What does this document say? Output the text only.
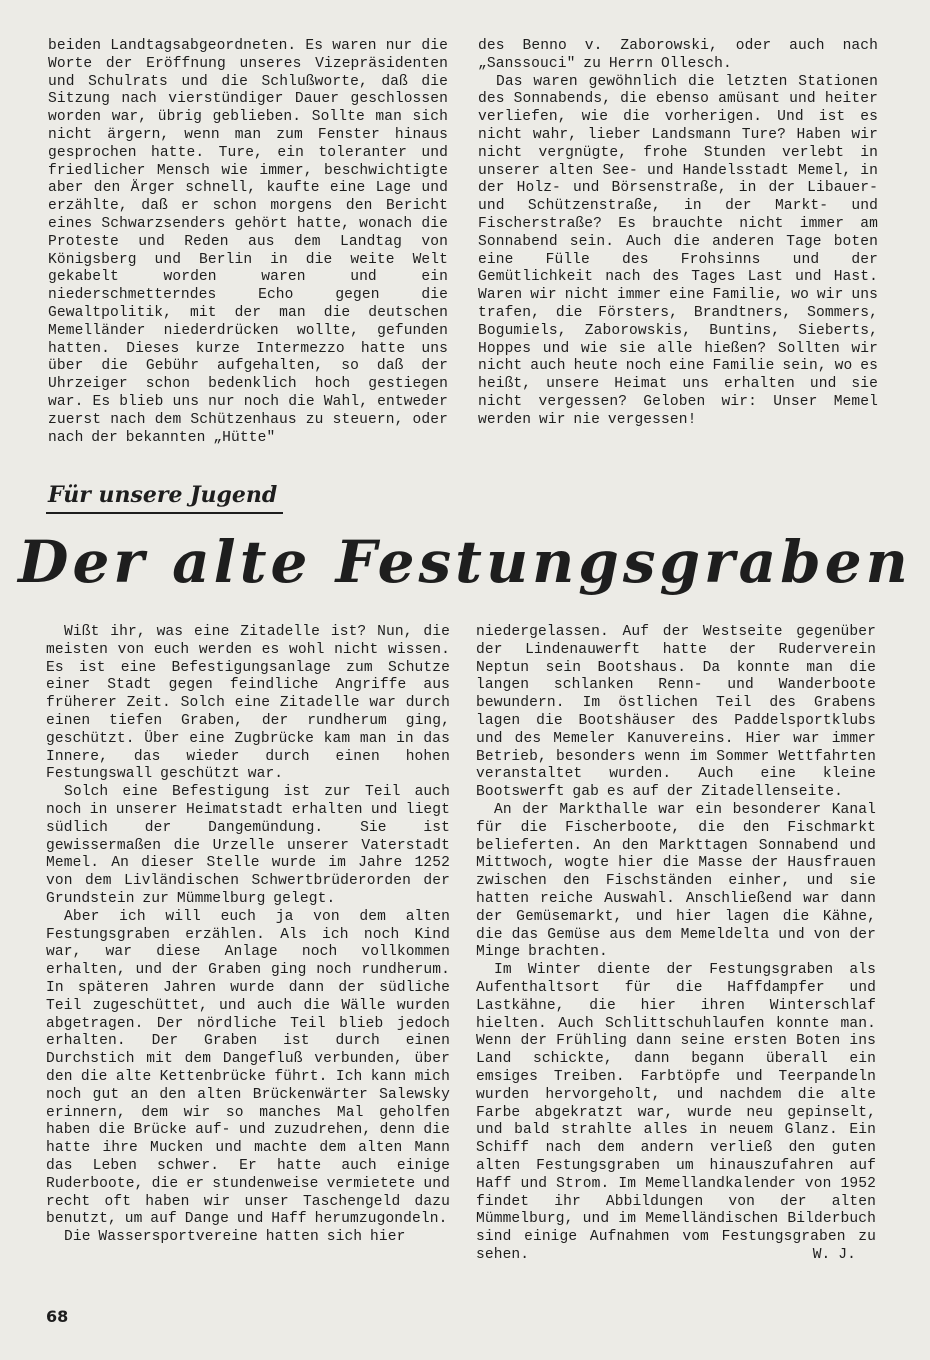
beiden Landtagsabgeordneten. Es waren nur die Worte der Eröffnung unseres Vizepräsidenten und Schulrats und die Schlußworte, daß die Sitzung nach vierstündiger Dauer geschlossen worden war, übrig geblieben. Sollte man sich nicht ärgern, wenn man zum Fenster hinaus gesprochen hatte. Ture, ein toleranter und friedlicher Mensch wie immer, beschwichtigte aber den Ärger schnell, kaufte eine Lage und erzählte, daß er schon morgens den Bericht eines Schwarzsenders gehört hatte, wonach die Proteste und Reden aus dem Landtag von Königsberg und Berlin in die weite Welt gekabelt worden waren und ein niederschmetterndes Echo gegen die Gewaltpolitik, mit der man die deutschen Memelländer niederdrücken wollte, gefunden hatten. Dieses kurze Intermezzo hatte uns über die Gebühr aufgehalten, so daß der Uhrzeiger schon bedenklich hoch gestiegen war. Es blieb uns nur noch die Wahl, entweder zuerst nach dem Schützenhaus zu steuern, oder nach der bekannten „Hütte"

des Benno v. Zaborowski, oder auch nach „Sanssouci" zu Herrn Ollesch.

Das waren gewöhnlich die letzten Stationen des Sonnabends, die ebenso amüsant und heiter verliefen, wie die vorherigen. Und ist es nicht wahr, lieber Landsmann Ture? Haben wir nicht vergnügte, frohe Stunden verlebt in unserer alten See- und Handelsstadt Memel, in der Holz- und Börsenstraße, in der Libauer- und Schützenstraße, in der Markt- und Fischerstraße? Es brauchte nicht immer am Sonnabend sein. Auch die anderen Tage boten eine Fülle des Frohsinns und der Gemütlichkeit nach des Tages Last und Hast. Waren wir nicht immer eine Familie, wo wir uns trafen, die Försters, Brandtners, Sommers, Bogumiels, Zaborowskis, Buntins, Sieberts, Hoppes und wie sie alle hießen? Sollten wir nicht auch heute noch eine Familie sein, wo es heißt, unsere Heimat uns erhalten und sie nicht vergessen? Geloben wir: Unser Memel werden wir nie vergessen!

Für unsere Jugend
Der alte Festungsgraben

Wißt ihr, was eine Zitadelle ist? Nun, die meisten von euch werden es wohl nicht wissen. Es ist eine Befestigungsanlage zum Schutze einer Stadt gegen feindliche Angriffe aus früherer Zeit. Solch eine Zitadelle war durch einen tiefen Graben, der rundherum ging, geschützt. Über eine Zugbrücke kam man in das Innere, das wieder durch einen hohen Festungswall geschützt war.

Solch eine Befestigung ist zur Teil auch noch in unserer Heimatstadt erhalten und liegt südlich der Dangemündung. Sie ist gewissermaßen die Urzelle unserer Vaterstadt Memel. An dieser Stelle wurde im Jahre 1252 von dem Livländischen Schwertbrüderorden der Grundstein zur Mümmelburg gelegt.

Aber ich will euch ja von dem alten Festungsgraben erzählen. Als ich noch Kind war, war diese Anlage noch vollkommen erhalten, und der Graben ging noch rundherum. In späteren Jahren wurde dann der südliche Teil zugeschüttet, und auch die Wälle wurden abgetragen. Der nördliche Teil blieb jedoch erhalten. Der Graben ist durch einen Durchstich mit dem Dangefluß verbunden, über den die alte Kettenbrücke führt. Ich kann mich noch gut an den alten Brückenwärter Salewsky erinnern, dem wir so manches Mal geholfen haben die Brücke auf- und zuzudrehen, denn die hatte ihre Mucken und machte dem alten Mann das Leben schwer. Er hatte auch einige Ruderboote, die er stundenweise vermietete und recht oft haben wir unser Taschengeld dazu benutzt, um auf Dange und Haff herumzugondeln.

Die Wassersportvereine hatten sich hier

niedergelassen. Auf der Westseite gegenüber der Lindenauwerft hatte der Ruderverein Neptun sein Bootshaus. Da konnte man die langen schlanken Renn- und Wanderboote bewundern. Im östlichen Teil des Grabens lagen die Bootshäuser des Paddelsportklubs und des Memeler Kanuvereins. Hier war immer Betrieb, besonders wenn im Sommer Wettfahrten veranstaltet wurden. Auch eine kleine Bootswerft gab es auf der Zitadellenseite.

An der Markthalle war ein besonderer Kanal für die Fischerboote, die den Fischmarkt belieferten. An den Markttagen Sonnabend und Mittwoch, wogte hier die Masse der Hausfrauen zwischen den Fischständen einher, und sie hatten reiche Auswahl. Anschließend war dann der Gemüsemarkt, und hier lagen die Kähne, die das Gemüse aus dem Memeldelta und von der Minge brachten.

Im Winter diente der Festungsgraben als Aufenthaltsort für die Haffdampfer und Lastkähne, die hier ihren Winterschlaf hielten. Auch Schlittschuhlaufen konnte man. Wenn der Frühling dann seine ersten Boten ins Land schickte, dann begann überall ein emsiges Treiben. Farbtöpfe und Teerpandeln wurden hervorgeholt, und nachdem die alte Farbe abgekratzt war, wurde neu gepinselt, und bald strahlte alles in neuem Glanz. Ein Schiff nach dem andern verließ den guten alten Festungsgraben um hinauszufahren auf Haff und Strom. Im Memellandkalender von 1952 findet ihr Abbildungen von der alten Mümmelburg, und im Memelländischen Bilderbuch sind einige Aufnahmen vom Festungsgraben zu sehen.	W. J.

68
